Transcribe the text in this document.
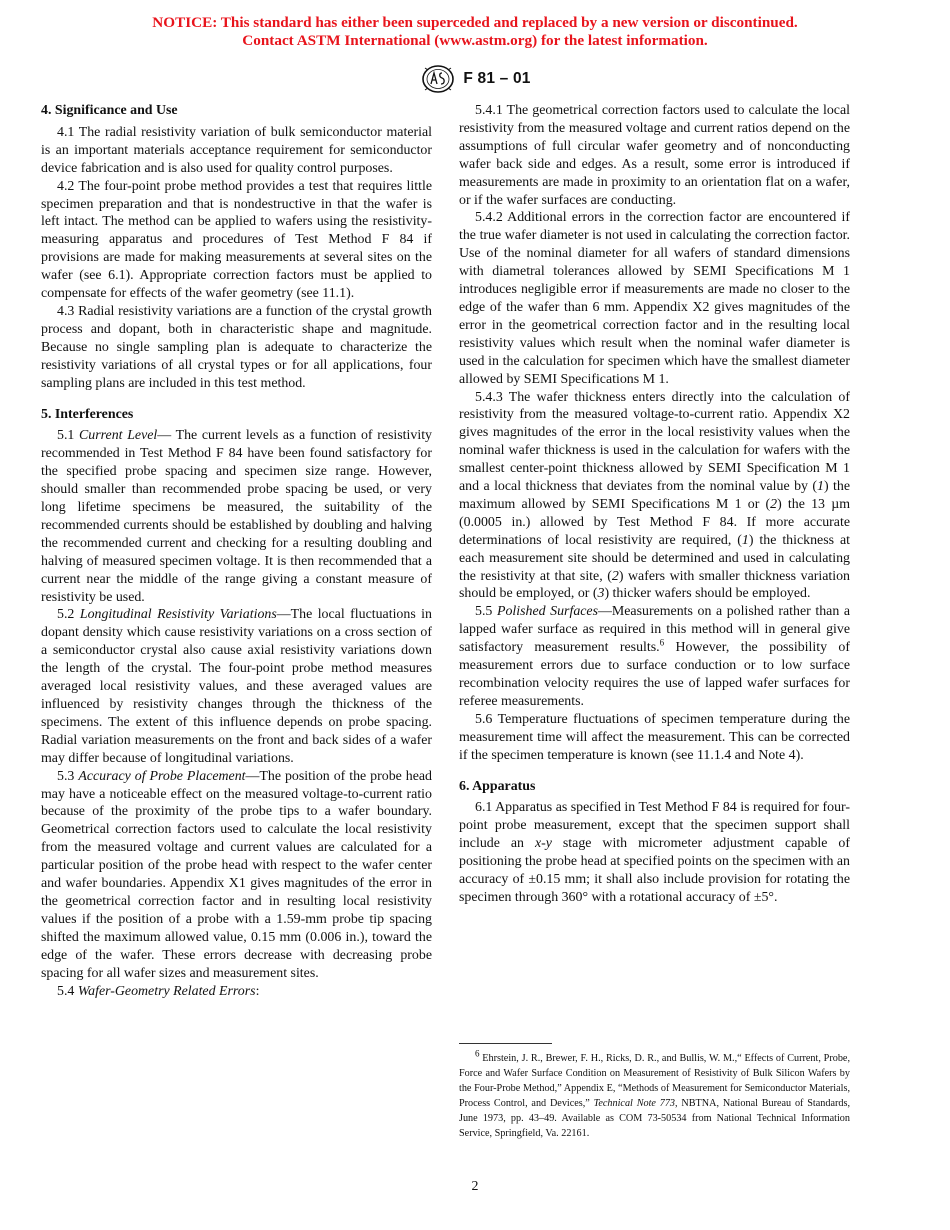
NOTICE: This standard has either been superceded and replaced by a new version or discontinued.
Contact ASTM International (www.astm.org) for the latest information.
F 81 – 01
4. Significance and Use

4.1 The radial resistivity variation of bulk semiconductor material is an important materials acceptance requirement for semiconductor device fabrication and is also used for quality control purposes.

4.2 The four-point probe method provides a test that requires little specimen preparation and that is nondestructive in that the wafer is left intact. The method can be applied to wafers using the resistivity-measuring apparatus and procedures of Test Method F 84 if provisions are made for making measurements at several sites on the wafer (see 6.1). Appropriate correction factors must be applied to compensate for effects of the wafer geometry (see 11.1).

4.3 Radial resistivity variations are a function of the crystal growth process and dopant, both in characteristic shape and magnitude. Because no single sampling plan is adequate to characterize the resistivity variations of all crystal types or for all applications, four sampling plans are included in this test method.

5. Interferences

5.1 Current Level— The current levels as a function of resistivity recommended in Test Method F 84 have been found satisfactory for the specified probe spacing and specimen size range. However, should smaller than recommended probe spacing be used, or very long lifetime specimens be measured, the suitability of the recommended currents should be established by doubling and halving the recommended current and checking for a resulting doubling and halving of measured specimen voltage. It is then recommended that a current near the middle of the range giving a constant measure of resistivity be used.

5.2 Longitudinal Resistivity Variations—The local fluctuations in dopant density which cause resistivity variations on a cross section of a semiconductor crystal also cause axial resistivity variations down the length of the crystal. The four-point probe method measures averaged local resistivity values, and these averaged values are influenced by resistivity changes through the thickness of the specimens. The extent of this influence depends on probe spacing. Radial variation measurements on the front and back sides of a wafer may differ because of longitudinal variations.

5.3 Accuracy of Probe Placement—The position of the probe head may have a noticeable effect on the measured voltage-to-current ratio because of the proximity of the probe tips to a wafer boundary. Geometrical correction factors used to calculate the local resistivity from the measured voltage and current values are calculated for a particular position of the probe head with respect to the wafer center and wafer boundaries. Appendix X1 gives magnitudes of the error in the geometrical correction factor and in resulting local resistivity values if the position of a probe with a 1.59-mm probe tip spacing shifted the maximum allowed value, 0.15 mm (0.006 in.), toward the edge of the wafer. These errors decrease with decreasing probe spacing for all wafer sizes and measurement sites.

5.4 Wafer-Geometry Related Errors:

5.4.1 The geometrical correction factors used to calculate the local resistivity from the measured voltage and current ratios depend on the assumptions of full circular wafer geometry and of nonconducting wafer back side and edges. As a result, some error is introduced if measurements are made in proximity to an orientation flat on a wafer, or if the wafer surfaces are conducting.

5.4.2 Additional errors in the correction factor are encountered if the true wafer diameter is not used in calculating the correction factor. Use of the nominal diameter for all wafers of standard dimensions with diametral tolerances allowed by SEMI Specifications M 1 introduces negligible error if measurements are made no closer to the edge of the wafer than 6 mm. Appendix X2 gives magnitudes of the error in the geometrical correction factor and in the resulting local resistivity values which result when the nominal wafer diameter is used in the calculation for specimen which have the smallest diameter allowed by SEMI Specifications M 1.

5.4.3 The wafer thickness enters directly into the calculation of resistivity from the measured voltage-to-current ratio. Appendix X2 gives magnitudes of the error in the local resistivity values when the nominal wafer thickness is used in the calculation for wafers with the smallest center-point thickness allowed by SEMI Specification M 1 and a local thickness that deviates from the nominal value by (1) the maximum allowed by SEMI Specifications M 1 or (2) the 13 µm (0.0005 in.) allowed by Test Method F 84. If more accurate determinations of local resistivity are required, (1) the thickness at each measurement site should be determined and used in calculating the resistivity at that site, (2) wafers with smaller thickness variation should be employed, or (3) thicker wafers should be employed.

5.5 Polished Surfaces—Measurements on a polished rather than a lapped wafer surface as required in this method will in general give satisfactory measurement results.$^6$ However, the possibility of measurement errors due to surface conduction or to low surface recombination velocity requires the use of lapped wafer surfaces for referee measurements.

5.6 Temperature fluctuations of specimen temperature during the measurement time will affect the measurement. This can be corrected if the specimen temperature is known (see 11.1.4 and Note 4).

6. Apparatus

6.1 Apparatus as specified in Test Method F 84 is required for four-point probe measurement, except that the specimen support shall include an x-y stage with micrometer adjustment capable of positioning the probe head at specified points on the specimen with an accuracy of ±0.15 mm; it shall also include provision for rotating the specimen through 360° with a rotational accuracy of ±5°.

$^6$ Ehrstein, J. R., Brewer, F. H., Ricks, D. R., and Bullis, W. M.,“ Effects of Current, Probe, Force and Wafer Surface Condition on Measurement of Resistivity of Bulk Silicon Wafers by the Four-Probe Method,” Appendix E, “Methods of Measurement for Semiconductor Materials, Process Control, and Devices,” Technical Note 773, NBTNA, National Bureau of Standards, June 1973, pp. 43–49. Available as COM 73-50534 from National Technical Information Service, Springfield, Va. 22161.

2
